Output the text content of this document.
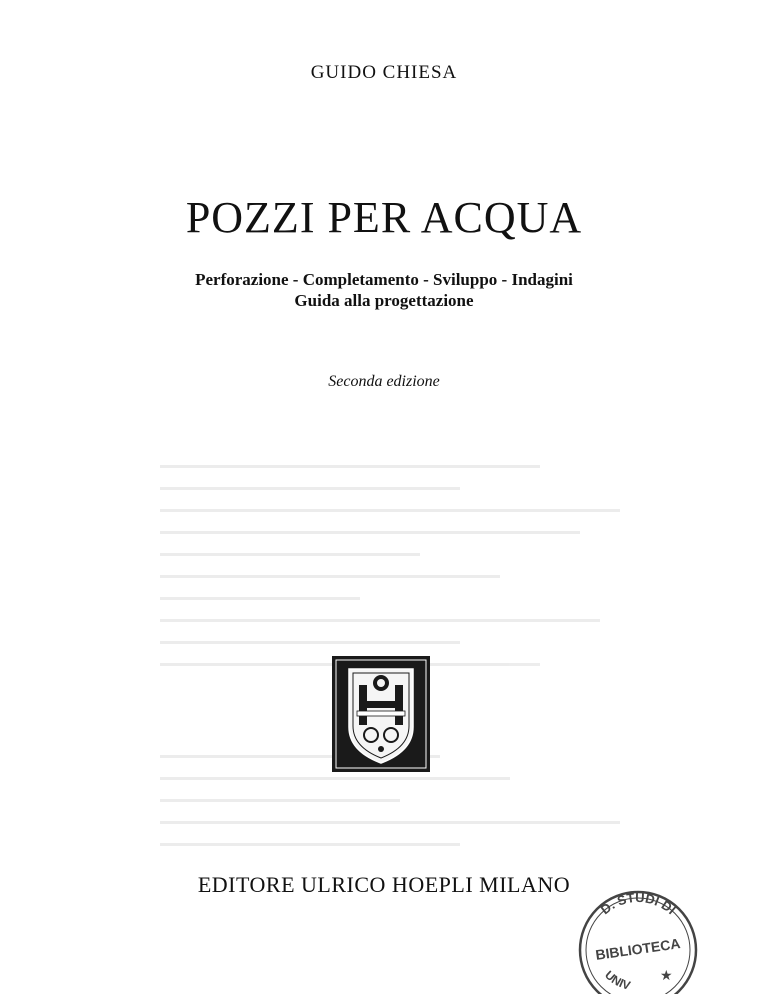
GUIDO CHIESA
POZZI PER ACQUA
Perforazione - Completamento - Sviluppo - Indagini
Guida alla progettazione
Seconda edizione
EDITORE ULRICO HOEPLI MILANO
D. STUDI DI
BIBLIOTECA
UNIV
★
